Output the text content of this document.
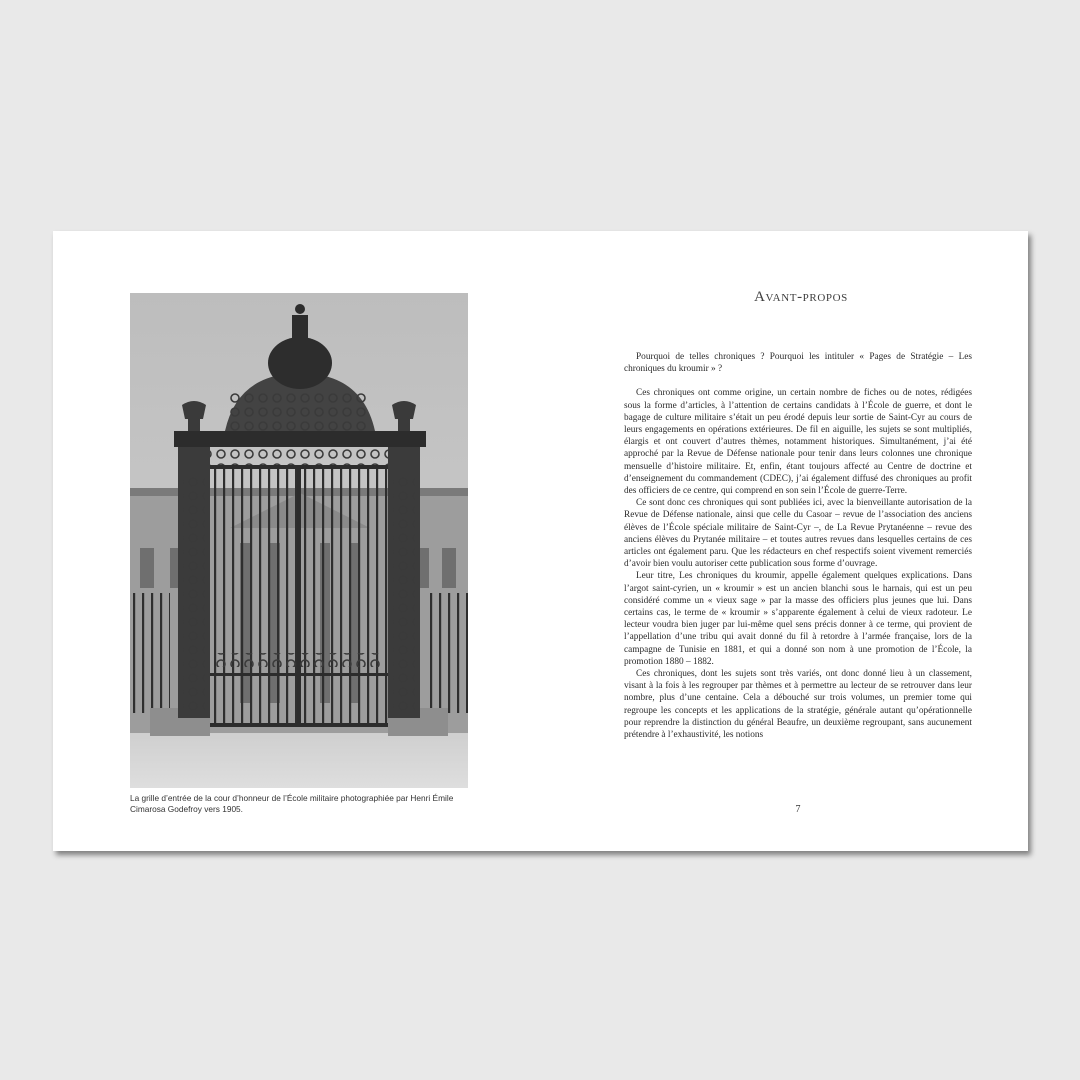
La grille d’entrée de la cour d’honneur de l’École militaire photographiée par Henri Émile Cimarosa Godefroy vers 1905.
Avant-propos

Pourquoi de telles chroniques ? Pourquoi les intituler « Pages de Stratégie – Les chroniques du kroumir » ?

Ces chroniques ont comme origine, un certain nombre de fiches ou de notes, rédigées sous la forme d’articles, à l’attention de certains candidats à l’École de guerre, et dont le bagage de culture militaire s’était un peu érodé depuis leur sortie de Saint-Cyr au cours de leurs engagements en opérations extérieures. De fil en aiguille, les sujets se sont multipliés, élargis et ont couvert d’autres thèmes, notamment historiques. Simultanément, j’ai été approché par la Revue de Défense nationale pour tenir dans leurs colonnes une chronique mensuelle d’histoire militaire. Et, enfin, étant toujours affecté au Centre de doctrine et d’enseignement du commandement (CDEC), j’ai également diffusé des chroniques au profit des officiers de ce centre, qui comprend en son sein l’École de guerre-Terre.

Ce sont donc ces chroniques qui sont publiées ici, avec la bienveillante autorisation de la Revue de Défense nationale, ainsi que celle du Casoar – revue de l’association des anciens élèves de l’École spéciale militaire de Saint-Cyr –, de La Revue Prytanéenne – revue des anciens élèves du Prytanée militaire – et toutes autres revues dans lesquelles certains de ces articles ont également paru. Que les rédacteurs en chef respectifs soient vivement remerciés d’avoir bien voulu autoriser cette publication sous forme d’ouvrage.

Leur titre, Les chroniques du kroumir, appelle également quelques explications. Dans l’argot saint-cyrien, un « kroumir » est un ancien blanchi sous le harnais, qui est un peu considéré comme un « vieux sage » par la masse des officiers plus jeunes que lui. Dans certains cas, le terme de « kroumir » s’apparente également à celui de vieux radoteur. Le lecteur voudra bien juger par lui-même quel sens précis donner à ce terme, qui provient de l’appellation d’une tribu qui avait donné du fil à retordre à l’armée française, lors de la campagne de Tunisie en 1881, et qui a donné son nom à une promotion de l’École, la promotion 1880 – 1882.

Ces chroniques, dont les sujets sont très variés, ont donc donné lieu à un classement, visant à la fois à les regrouper par thèmes et à permettre au lecteur de se retrouver dans leur nombre, plus d’une centaine. Cela a débouché sur trois volumes, un premier tome qui regroupe les concepts et les applications de la stratégie, générale autant qu’opérationnelle pour reprendre la distinction du général Beaufre, un deuxième regroupant, sans aucunement prétendre à l’exhaustivité, les notions

7
